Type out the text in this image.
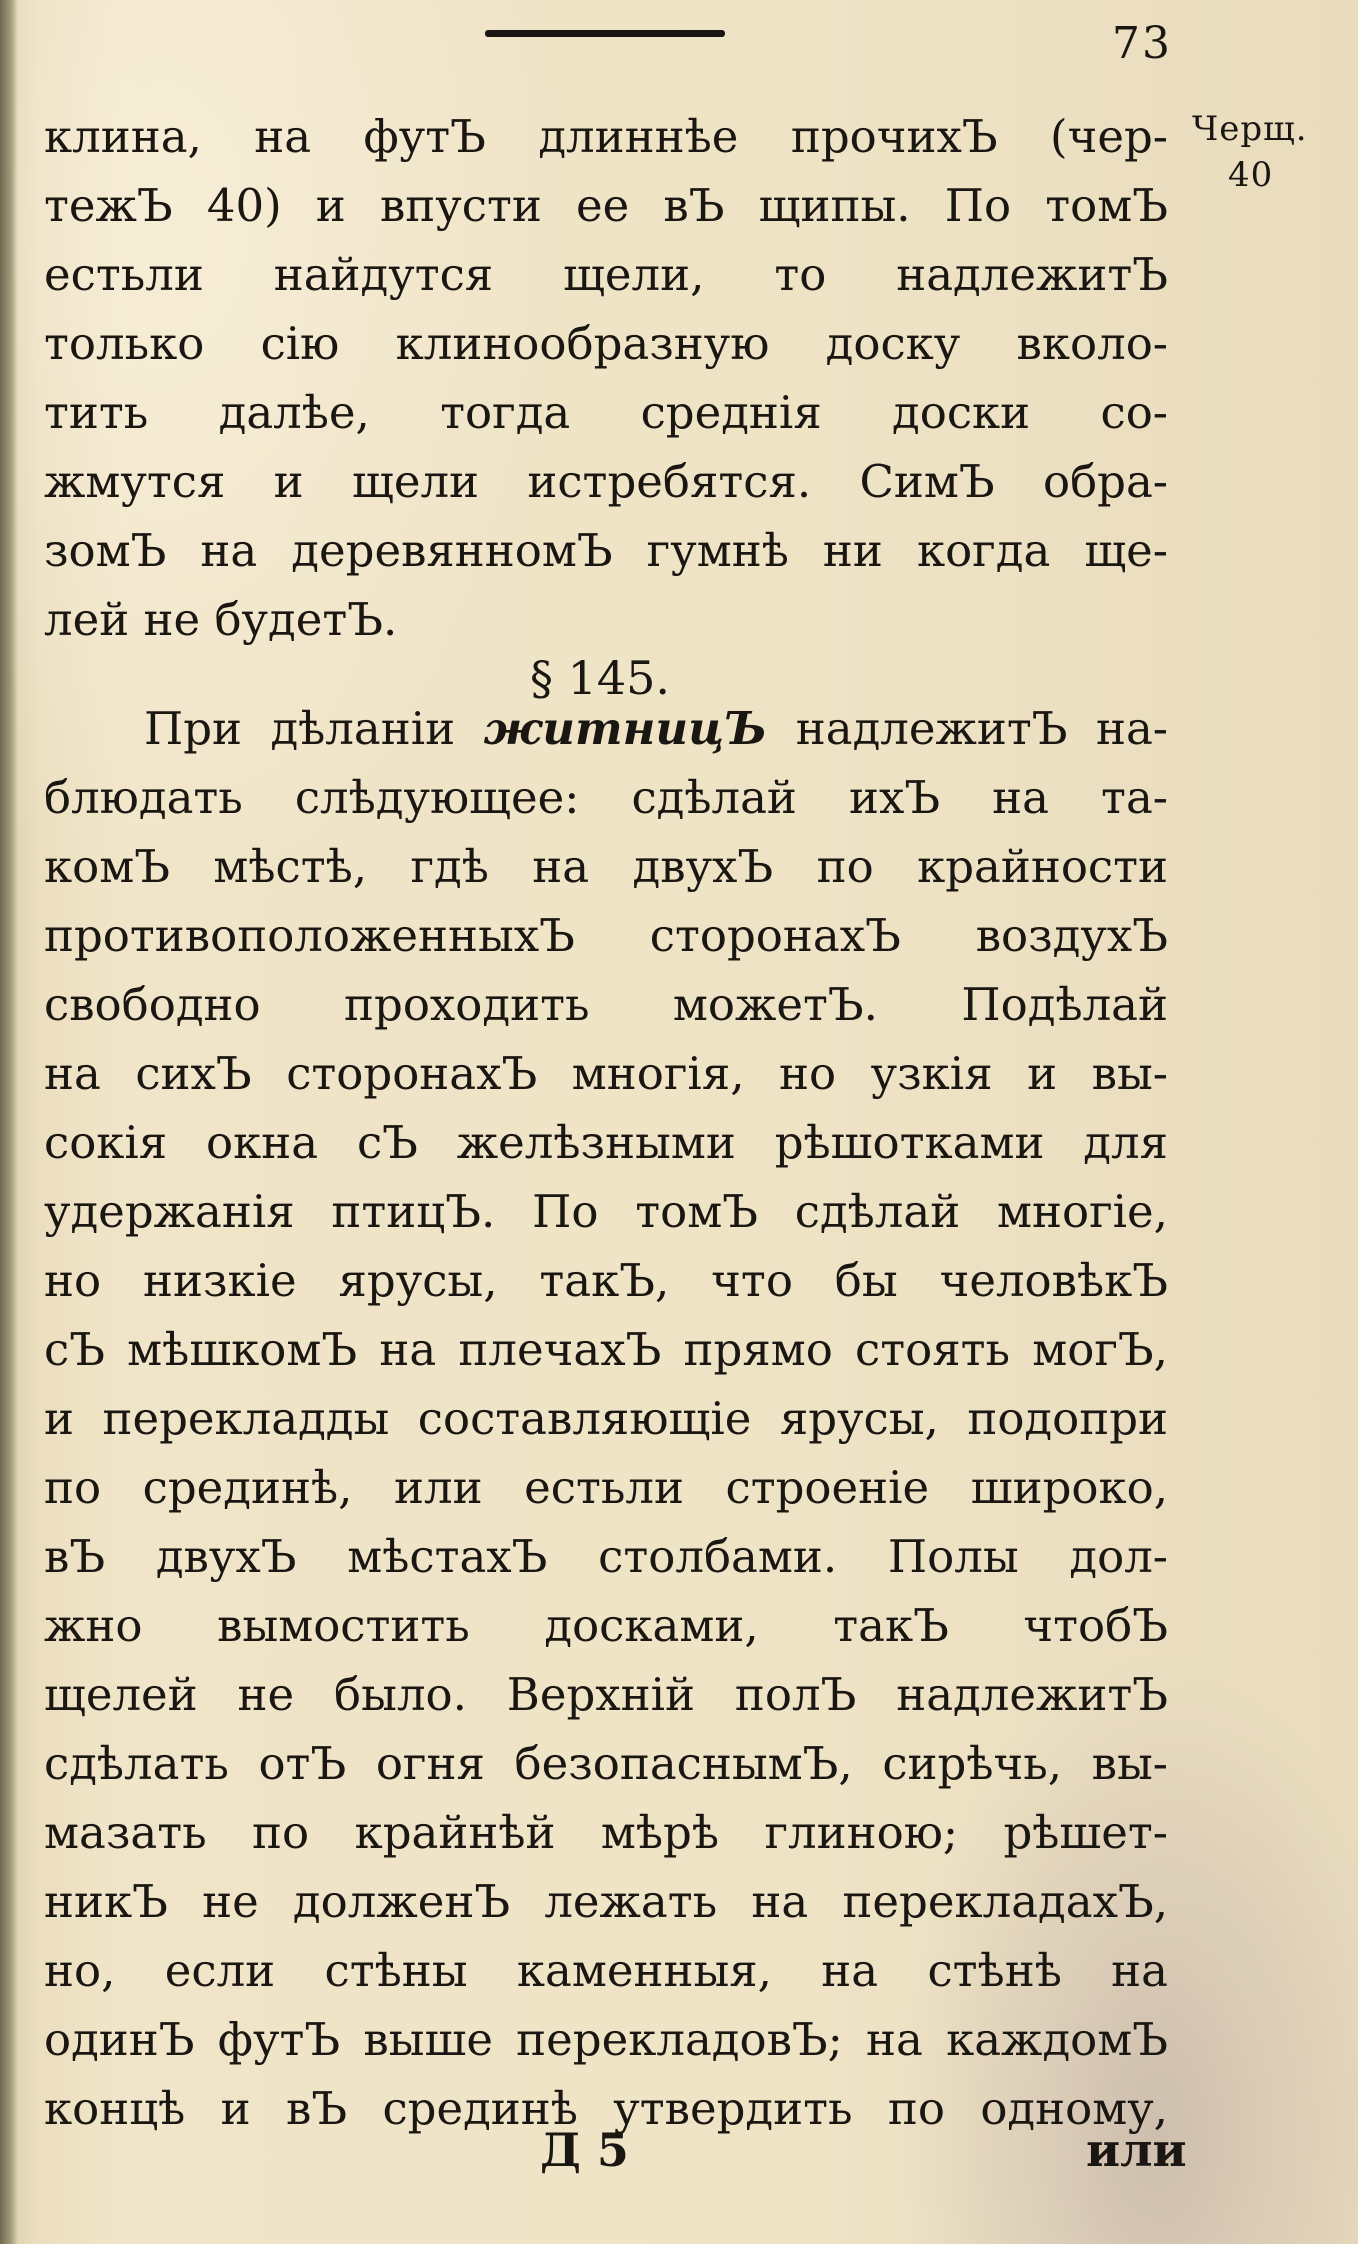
73
Черщ.
40
клина, на футЪ длиннѣе прочихЪ (чер-
тежЪ 40) и впусти ее вЪ щипы. По томЪ
естьли найдутся щели, то надлежитЪ
только сію клинообразную доску вколо-
тить далѣе, тогда среднія доски со-
жмутся и щели истребятся. СимЪ обра-
зомЪ на деревянномЪ гумнѣ ни когда ще-
лей не будетЪ.
§ 145.
При дѣланіи житницЪ надлежитЪ на-
блюдать слѣдующее: сдѣлай ихЪ на та-
комЪ мѣстѣ, гдѣ на двухЪ по крайности
противоположенныхЪ сторонахЪ воздухЪ
свободно проходить можетЪ. Подѣлай
на сихЪ сторонахЪ многія, но узкія и вы-
сокія окна сЪ желѣзными рѣшотками для
удержанія птицЪ. По томЪ сдѣлай многіе,
но низкіе ярусы, такЪ, что бы человѣкЪ
сЪ мѣшкомЪ на плечахЪ прямо стоять могЪ,
и перекладды составляющіе ярусы, подопри
по срединѣ, или естьли строеніе широко,
вЪ двухЪ мѣстахЪ столбами. Полы дол-
жно вымостить досками, такЪ чтобЪ
щелей не было. Верхній полЪ надлежитЪ
сдѣлать отЪ огня безопаснымЪ, сирѣчь, вы-
мазать по крайнѣй мѣрѣ глиною; рѣшет-
никЪ не долженЪ лежать на перекладахЪ,
но, если стѣны каменныя, на стѣнѣ на
одинЪ футЪ выше перекладовЪ; на каждомЪ
концѣ и вЪ срединѣ утвердить по одному,
Д 5	или
